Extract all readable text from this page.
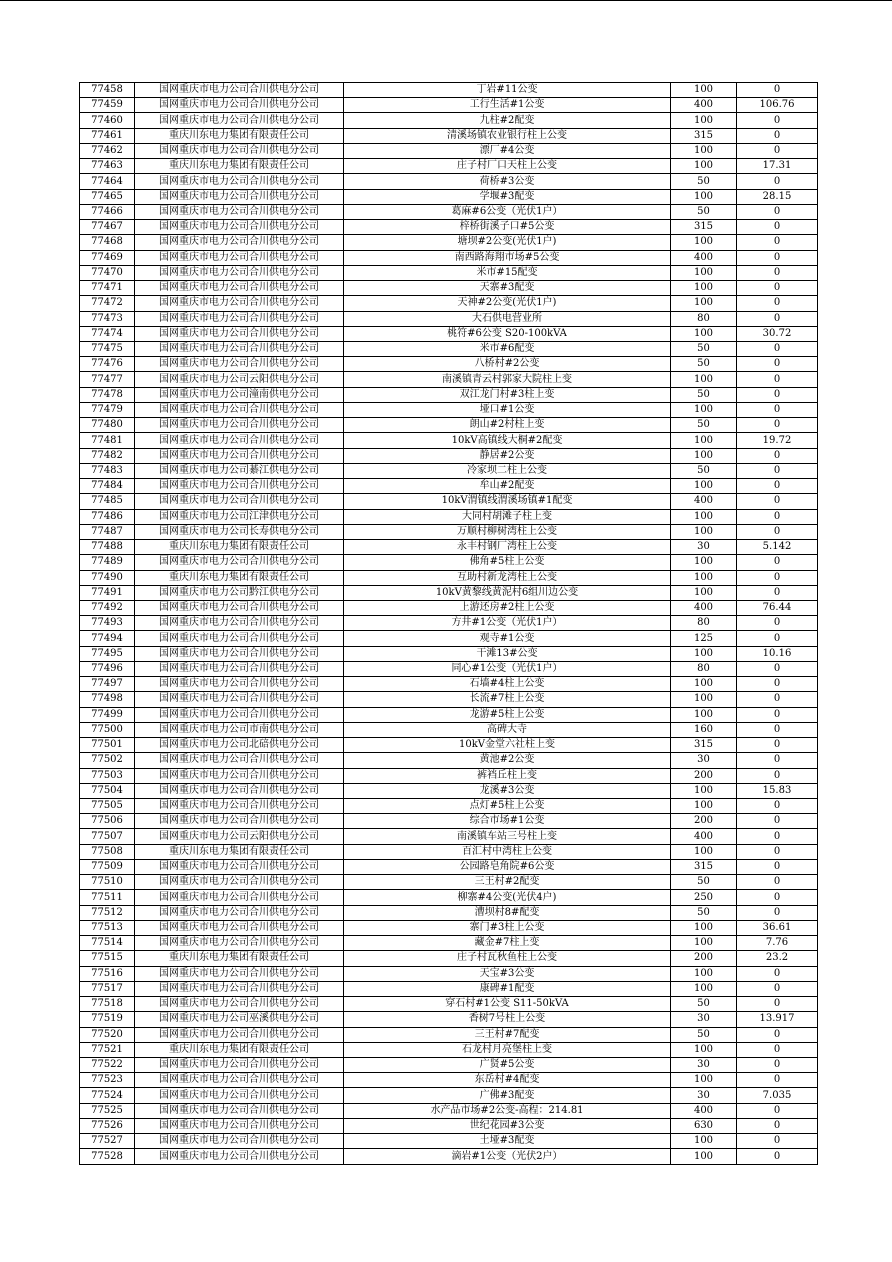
77458	国网重庆市电力公司合川供电分公司	丁岩#11公变	100	0
77459	国网重庆市电力公司合川供电分公司	工行生活#1公变	400	106.76
77460	国网重庆市电力公司合川供电分公司	九柱#2配变	100	0
77461	重庆川东电力集团有限责任公司	清溪场镇农业银行柱上公变	315	0
77462	国网重庆市电力公司合川供电分公司	漂厂#4公变	100	0
77463	重庆川东电力集团有限责任公司	庄子村厂口天柱上公变	100	17.31
77464	国网重庆市电力公司合川供电分公司	荷桥#3公变	50	0
77465	国网重庆市电力公司合川供电分公司	学堰#3配变	100	28.15
77466	国网重庆市电力公司合川供电分公司	葛麻#6公变（光伏1户）	50	0
77467	国网重庆市电力公司合川供电分公司	梓桥街溪子口#5公变	315	0
77468	国网重庆市电力公司合川供电分公司	塘坝#2公变(光伏1户)	100	0
77469	国网重庆市电力公司合川供电分公司	南西路海翔市场#5公变	400	0
77470	国网重庆市电力公司合川供电分公司	米市#15配变	100	0
77471	国网重庆市电力公司合川供电分公司	天寨#3配变	100	0
77472	国网重庆市电力公司合川供电分公司	天神#2公变(光伏1户)	100	0
77473	国网重庆市电力公司合川供电分公司	大石供电营业所	80	0
77474	国网重庆市电力公司合川供电分公司	桃符#6公变 S20-100kVA	100	30.72
77475	国网重庆市电力公司合川供电分公司	米市#6配变	50	0
77476	国网重庆市电力公司合川供电分公司	八桥村#2公变	50	0
77477	国网重庆市电力公司云阳供电分公司	南溪镇青云村郭家大院柱上变	100	0
77478	国网重庆市电力公司潼南供电分公司	双江龙门村#3柱上变	50	0
77479	国网重庆市电力公司合川供电分公司	垭口#1公变	100	0
77480	国网重庆市电力公司合川供电分公司	朗山#2村柱上变	50	0
77481	国网重庆市电力公司合川供电分公司	10kV高镇线大桐#2配变	100	19.72
77482	国网重庆市电力公司合川供电分公司	静居#2公变	100	0
77483	国网重庆市电力公司綦江供电分公司	冷家坝二柱上公变	50	0
77484	国网重庆市电力公司合川供电分公司	牟山#2配变	100	0
77485	国网重庆市电力公司合川供电分公司	10kV渭镇线渭溪场镇#1配变	400	0
77486	国网重庆市电力公司江津供电分公司	大同村胡滩子柱上变	100	0
77487	国网重庆市电力公司长寿供电分公司	万顺村柳树湾柱上公变	100	0
77488	重庆川东电力集团有限责任公司	永丰村钢厂湾柱上公变	30	5.142
77489	国网重庆市电力公司合川供电分公司	佛角#5柱上公变	100	0
77490	重庆川东电力集团有限责任公司	互助村新龙湾柱上公变	100	0
77491	国网重庆市电力公司黔江供电分公司	10kV黄黎线黄泥村6组川边公变	100	0
77492	国网重庆市电力公司合川供电分公司	上游还房#2柱上公变	400	76.44
77493	国网重庆市电力公司合川供电分公司	方井#1公变（光伏1户）	80	0
77494	国网重庆市电力公司合川供电分公司	观寺#1公变	125	0
77495	国网重庆市电力公司合川供电分公司	干滩13#公变	100	10.16
77496	国网重庆市电力公司合川供电分公司	同心#1公变（光伏1户）	80	0
77497	国网重庆市电力公司合川供电分公司	石墙#4柱上公变	100	0
77498	国网重庆市电力公司合川供电分公司	长流#7柱上公变	100	0
77499	国网重庆市电力公司合川供电分公司	龙游#5柱上公变	100	0
77500	国网重庆市电力公司市南供电分公司	高碑大寺	160	0
77501	国网重庆市电力公司北碚供电分公司	10kV金堂六社柱上变	315	0
77502	国网重庆市电力公司合川供电分公司	黄池#2公变	30	0
77503	国网重庆市电力公司合川供电分公司	裤裆丘柱上变	200	0
77504	国网重庆市电力公司合川供电分公司	龙溪#3公变	100	15.83
77505	国网重庆市电力公司合川供电分公司	点灯#5柱上公变	100	0
77506	国网重庆市电力公司合川供电分公司	综合市场#1公变	200	0
77507	国网重庆市电力公司云阳供电分公司	南溪镇车站三号柱上变	400	0
77508	重庆川东电力集团有限责任公司	百汇村中湾柱上公变	100	0
77509	国网重庆市电力公司合川供电分公司	公园路皂角院#6公变	315	0
77510	国网重庆市电力公司合川供电分公司	三王村#2配变	50	0
77511	国网重庆市电力公司合川供电分公司	柳寨#4公变(光伏4户)	250	0
77512	国网重庆市电力公司合川供电分公司	漕坝村8#配变	50	0
77513	国网重庆市电力公司合川供电分公司	寨门#3柱上公变	100	36.61
77514	国网重庆市电力公司合川供电分公司	藏金#7柱上变	100	7.76
77515	重庆川东电力集团有限责任公司	庄子村瓦秋鱼柱上公变	200	23.2
77516	国网重庆市电力公司合川供电分公司	天宝#3公变	100	0
77517	国网重庆市电力公司合川供电分公司	康碑#1配变	100	0
77518	国网重庆市电力公司合川供电分公司	穿石村#1公变 S11-50kVA	50	0
77519	国网重庆市电力公司巫溪供电分公司	香树7号柱上公变	30	13.917
77520	国网重庆市电力公司合川供电分公司	三王村#7配变	50	0
77521	重庆川东电力集团有限责任公司	石龙村月亮堡柱上变	100	0
77522	国网重庆市电力公司合川供电分公司	广贤#5公变	30	0
77523	国网重庆市电力公司合川供电分公司	东岳村#4配变	100	0
77524	国网重庆市电力公司合川供电分公司	广佛#3配变	30	7.035
77525	国网重庆市电力公司合川供电分公司	水产品市场#2公变-高程：214.81	400	0
77526	国网重庆市电力公司合川供电分公司	世纪花园#3公变	630	0
77527	国网重庆市电力公司合川供电分公司	土垭#3配变	100	0
77528	国网重庆市电力公司合川供电分公司	滴岩#1公变（光伏2户）	100	0
